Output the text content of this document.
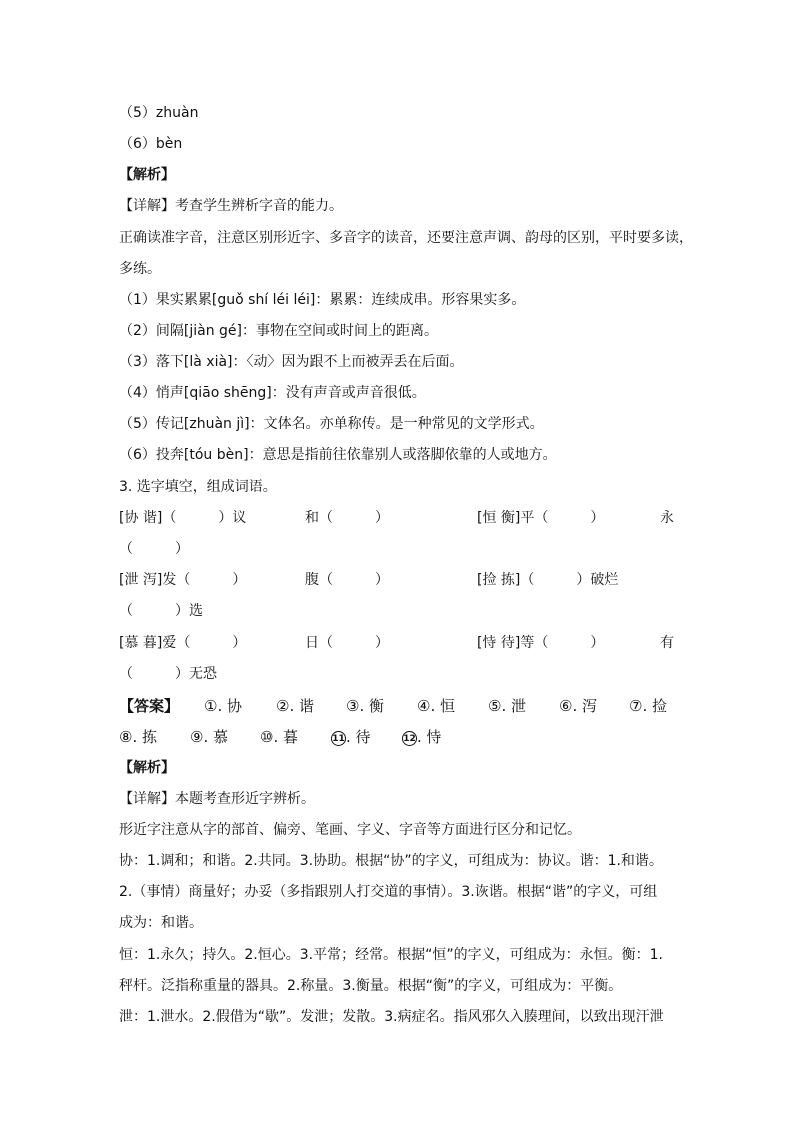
（5）zhuàn
（6）bèn
【解析】
【详解】考查学生辨析字音的能力。
正确读准字音，注意区别形近字、多音字的读音，还要注意声调、韵母的区别，平时要多读，
多练。
（1）果实累累[guǒ shí léi léi]：累累：连续成串。形容果实多。
（2）间隔[jiàn gé]：事物在空间或时间上的距离。
（3）落下[là xià]：〈动〉因为跟不上而被弄丢在后面。
（4）悄声[qiāo shēng]：没有声音或声音很低。
（5）传记[zhuàn jì]：文体名。亦单称传。是一种常见的文学形式。
（6）投奔[tóu bèn]：意思是指前往依靠别人或落脚依靠的人或地方。
3. 选字填空，组成词语。
[协 谐]（　　　）议	和（　　　）	[恒 衡]平（　　　）	永
（　　　）
[泄 泻]发（　　　）	腹（　　　）	[捡 拣]（　　　）破烂
（　　　）选
[慕 暮]爱（　　　）	日（　　　）	[恃 待]等（　　　）	有
（　　　）无恐
【答案】 ①. 协 ②. 谐 ③. 衡 ④. 恒 ⑤. 泄 ⑥. 泻 ⑦. 捡
⑧. 拣 ⑨. 慕 ⑩. 暮	11. 待	12. 恃
【解析】
【详解】本题考查形近字辨析。
形近字注意从字的部首、偏旁、笔画、字义、字音等方面进行区分和记忆。
协：1.调和；和谐。2.共同。3.协助。根据“协”的字义，可组成为：协议。谐：1.和谐。
2.（事情）商量好；办妥（多指跟别人打交道的事情）。3.诙谐。根据“谐”的字义，可组
成为：和谐。
恒：1.永久；持久。2.恒心。3.平常；经常。根据“恒”的字义，可组成为：永恒。衡：1.
秤杆。泛指称重量的器具。2.称量。3.衡量。根据“衡”的字义，可组成为：平衡。
泄：1.泄水。2.假借为“歇”。发泄；发散。3.病症名。指风邪久入腠理间，以致出现汗泄
